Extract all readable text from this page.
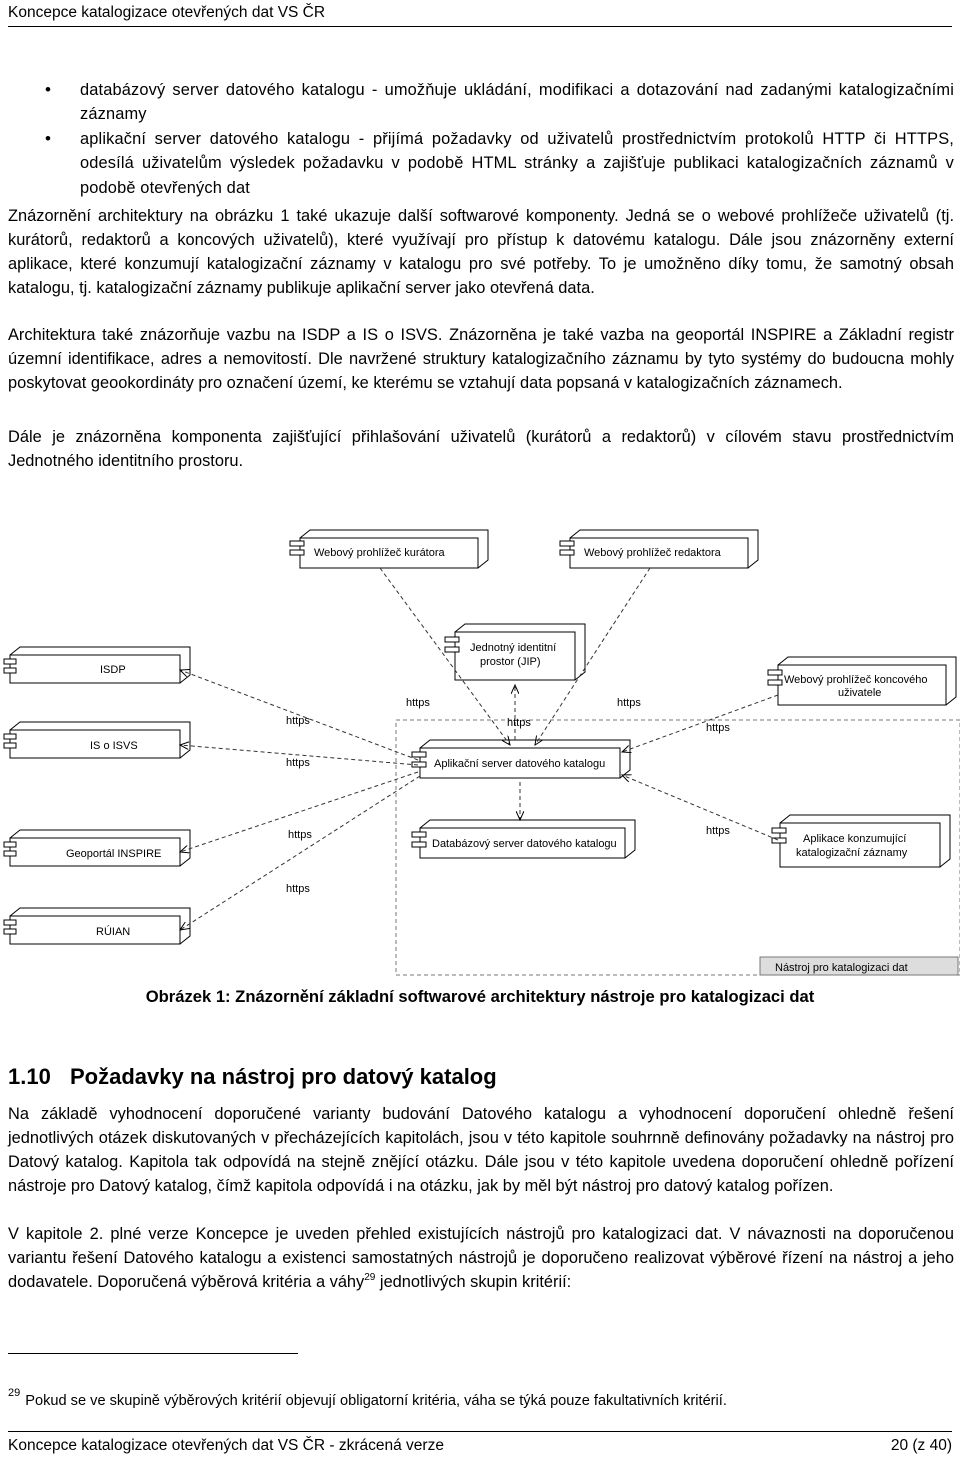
Koncepce katalogizace otevřených dat VS ČR
• databázový server datového katalogu - umožňuje ukládání, modifikaci a dotazování nad zadanými katalogizačními záznamy
• aplikační server datového katalogu - přijímá požadavky od uživatelů prostřednictvím protokolů HTTP či HTTPS, odesílá uživatelům výsledek požadavku v podobě HTML stránky a zajišťuje publikaci katalogizačních záznamů v podobě otevřených dat

Znázornění architektury na obrázku 1 také ukazuje další softwarové komponenty. Jedná se o webové prohlížeče uživatelů (tj. kurátorů, redaktorů a koncových uživatelů), které využívají pro přístup k datovému katalogu. Dále jsou znázorněny externí aplikace, které konzumují katalogizační záznamy v katalogu pro své potřeby. To je umožněno díky tomu, že samotný obsah katalogu, tj. katalogizační záznamy publikuje aplikační server jako otevřená data.

Architektura také znázorňuje vazbu na ISDP a IS o ISVS. Znázorněna je také vazba na geoportál INSPIRE a Základní registr územní identifikace, adres a nemovitostí. Dle navržené struktury katalogizačního záznamu by tyto systémy do budoucna mohly poskytovat geookordináty pro označení území, ke kterému se vztahují data popsaná v katalogizačních záznamech.

Dále je znázorněna komponenta zajišťující přihlašování uživatelů (kurátorů a redaktorů) v cílovém stavu prostřednictvím Jednotného identitního prostoru.

Nástroj pro katalogizaci dat
Webový prohlížeč kurátora	Webový prohlížeč redaktora
Jednotný identitní
prostor (JIP)
Webový prohlížeč koncového
uživatele
ISDP
IS o ISVS
Geoportál INSPIRE
RÚIAN
Aplikační server datového katalogu
Databázový server datového katalogu	Aplikace konzumující
katalogizační záznamy
https
https
https
https
https
https
https
https
https
Obrázek 1: Znázornění základní softwarové architektury nástroje pro katalogizaci dat
1.10 Požadavky na nástroj pro datový katalog

Na základě vyhodnocení doporučené varianty budování Datového katalogu a vyhodnocení doporučení ohledně řešení jednotlivých otázek diskutovaných v přecházejících kapitolách, jsou v této kapitole souhrnně definovány požadavky na nástroj pro Datový katalog. Kapitola tak odpovídá na stejně znějící otázku. Dále jsou v této kapitole uvedena doporučení ohledně pořízení nástroje pro Datový katalog, čímž kapitola odpovídá i na otázku, jak by měl být nástroj pro datový katalog pořízen.

V kapitole 2. plné verze Koncepce je uveden přehled existujících nástrojů pro katalogizaci dat. V návaznosti na doporučenou variantu řešení Datového katalogu a existenci samostatných nástrojů je doporučeno realizovat výběrové řízení na nástroj a jeho dodavatele. Doporučená výběrová kritéria a váhy$^{29}$ jednotlivých skupin kritérií:

$^{29}$ Pokud se ve skupině výběrových kritérií objevují obligatorní kritéria, váha se týká pouze fakultativních kritérií.
Koncepce katalogizace otevřených dat VS ČR - zkrácená verze	20 (z 40)
